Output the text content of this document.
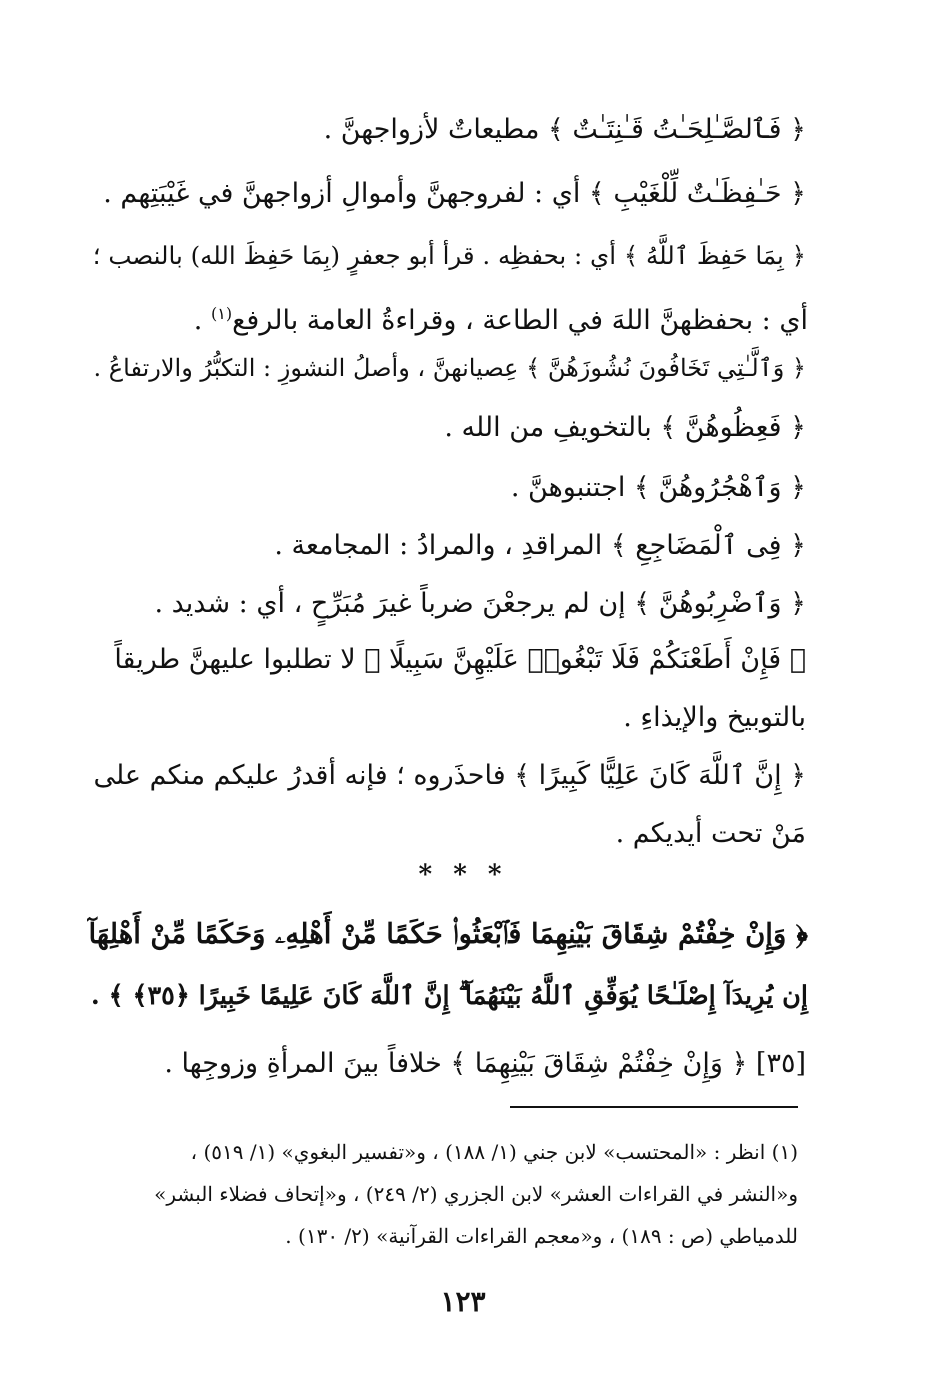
﴿ فَٱلصَّـٰلِحَـٰتُ قَـٰنِتَـٰتٌ ﴾ مطيعاتٌ لأزواجهنَّ .
﴿ حَـٰفِظَـٰتٌ لِّلْغَيْبِ ﴾ أي : لفروجهنَّ وأموالِ أزواجهنَّ في غَيْبَتِهم .
﴿ بِمَا حَفِظَ ٱللَّهُ ﴾ أي : بحفظِه . قرأ أبو جعفرٍ (بِمَا حَفِظَ الله) بالنصب ؛
أي : بحفظهنَّ اللهَ في الطاعة ، وقراءةُ العامة بالرفع$^{(١)}$ .
﴿ وَٱلَّـٰتِي تَخَافُونَ نُشُوزَهُنَّ ﴾ عِصيانهنَّ ، وأصلُ النشوزِ : التكبُّرُ والارتفاعُ .
﴿ فَعِظُوهُنَّ ﴾ بالتخويفِ من الله .
﴿ وَٱهْجُرُوهُنَّ ﴾ اجتنبوهنَّ .
﴿ فِى ٱلْمَضَاجِعِ ﴾ المراقدِ ، والمرادُ : المجامعة .
﴿ وَٱضْرِبُوهُنَّ ﴾ إن لم يرجعْنَ ضرباً غيرَ مُبَرِّحٍ ، أي : شديد .
﴿ فَإِنْ أَطَعْنَكُمْ فَلَا تَبْغُوا۟ عَلَيْهِنَّ سَبِيلًا ﴾ لا تطلبوا عليهنَّ طريقاً
بالتوبيخ والإيذاءِ .
﴿ إِنَّ ٱللَّهَ كَانَ عَلِيًّا كَبِيرًا ﴾ فاحذَروه ؛ فإنه أقدرُ عليكم منكم على
مَنْ تحت أيديكم .
* * *
﴿ وَإِنْ خِفْتُمْ شِقَاقَ بَيْنِهِمَا فَٱبْعَثُوا۟ حَكَمًا مِّنْ أَهْلِهِۦ وَحَكَمًا مِّنْ أَهْلِهَآ
إِن يُرِيدَآ إِصْلَـٰحًا يُوَفِّقِ ٱللَّهُ بَيْنَهُمَآ ۗ إِنَّ ٱللَّهَ كَانَ عَلِيمًا خَبِيرًا ﴿٣٥﴾ ﴾ .
[٣٥] ﴿ وَإِنْ خِفْتُمْ شِقَاقَ بَيْنِهِمَا ﴾ خلافاً بينَ المرأةِ وزوجِها .
(١) انظر : «المحتسب» لابن جني (١/ ١٨٨) ، و«تفسير البغوي» (١/ ٥١٩) ،
و«النشر في القراءات العشر» لابن الجزري (٢/ ٢٤٩) ، و«إتحاف فضلاء البشر»
للدمياطي (ص : ١٨٩) ، و«معجم القراءات القرآنية» (٢/ ١٣٠) .
١٢٣
